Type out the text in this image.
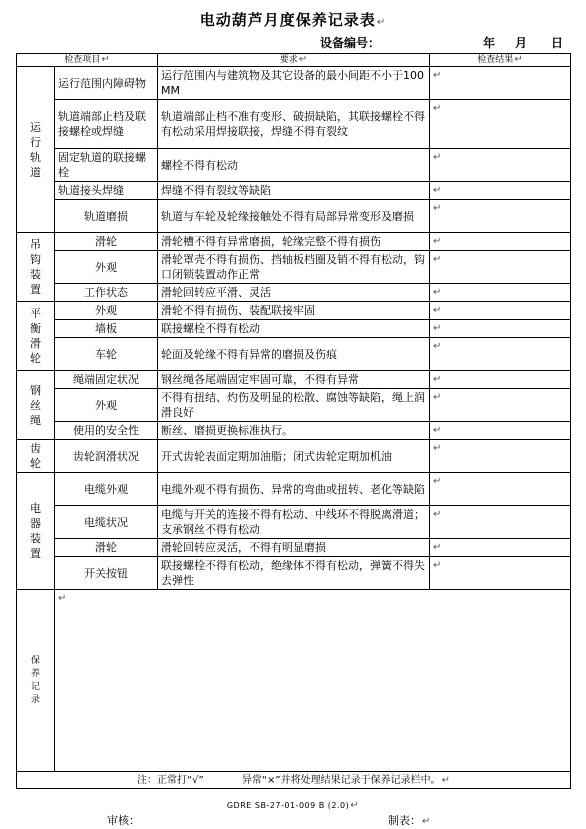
电动葫芦月度保养记录表↵
设备编号：	年 月 日
检查项目↵		要求↵	检查结果↵
运
行
轨
道	运行范围内障碍物	运行范围内与建筑物及其它设备的最小间距不小于100MM	↵
	轨道端部止档及联接螺栓或焊缝	轨道端部止档不准有变形、破损缺陷，其联接螺栓不得有松动采用焊接联接，焊缝不得有裂纹	↵
	固定轨道的联接螺栓	螺栓不得有松动	↵
	轨道接头焊缝	焊缝不得有裂纹等缺陷	↵
	轨道磨损	轨道与车轮及轮缘接触处不得有局部异常变形及磨损	↵
吊
钩
装
置	滑轮	滑轮槽不得有异常磨损，轮缘完整不得有损伤	↵
	外观	滑轮罩壳不得有损伤、挡轴板档圈及销不得有松动，钩口闭锁装置动作正常	↵
	工作状态	滑轮回转应平滑、灵活	↵
平
衡
滑
轮	外观	滑轮不得有损伤、装配联接牢固	↵
	墙板	联接螺栓不得有松动	↵
	车轮	轮面及轮缘不得有异常的磨损及伤痕	↵
钢
丝
绳	绳端固定状况	钢丝绳各尾端固定牢固可靠，不得有异常	↵
	外观	不得有扭结、灼伤及明显的松散、腐蚀等缺陷，绳上润滑良好	↵
	使用的安全性	断丝、磨损更换标准执行。	↵
齿
轮	齿轮润滑状况	开式齿轮表面定期加油脂；闭式齿轮定期加机油	↵
电
器
装
置	电缆外观	电缆外观不得有损伤、异常的弯曲或扭转、老化等缺陷	↵
	电缆状况	电缆与开关的连接不得有松动、中线环不得脱离滑道；支承钢丝不得有松动	↵
	滑轮	滑轮回转应灵活，不得有明显磨损	↵
	开关按钮	联接螺栓不得有松动，绝缘体不得有松动，弹簧不得失去弹性	↵
保
养
记
录	↵		
注：正常打“√” 异常“×”并将处理结果记录于保养记录栏中。↵			
GDRE SB-27-01-009 B (2.0)↵
审核：	制表：↵
